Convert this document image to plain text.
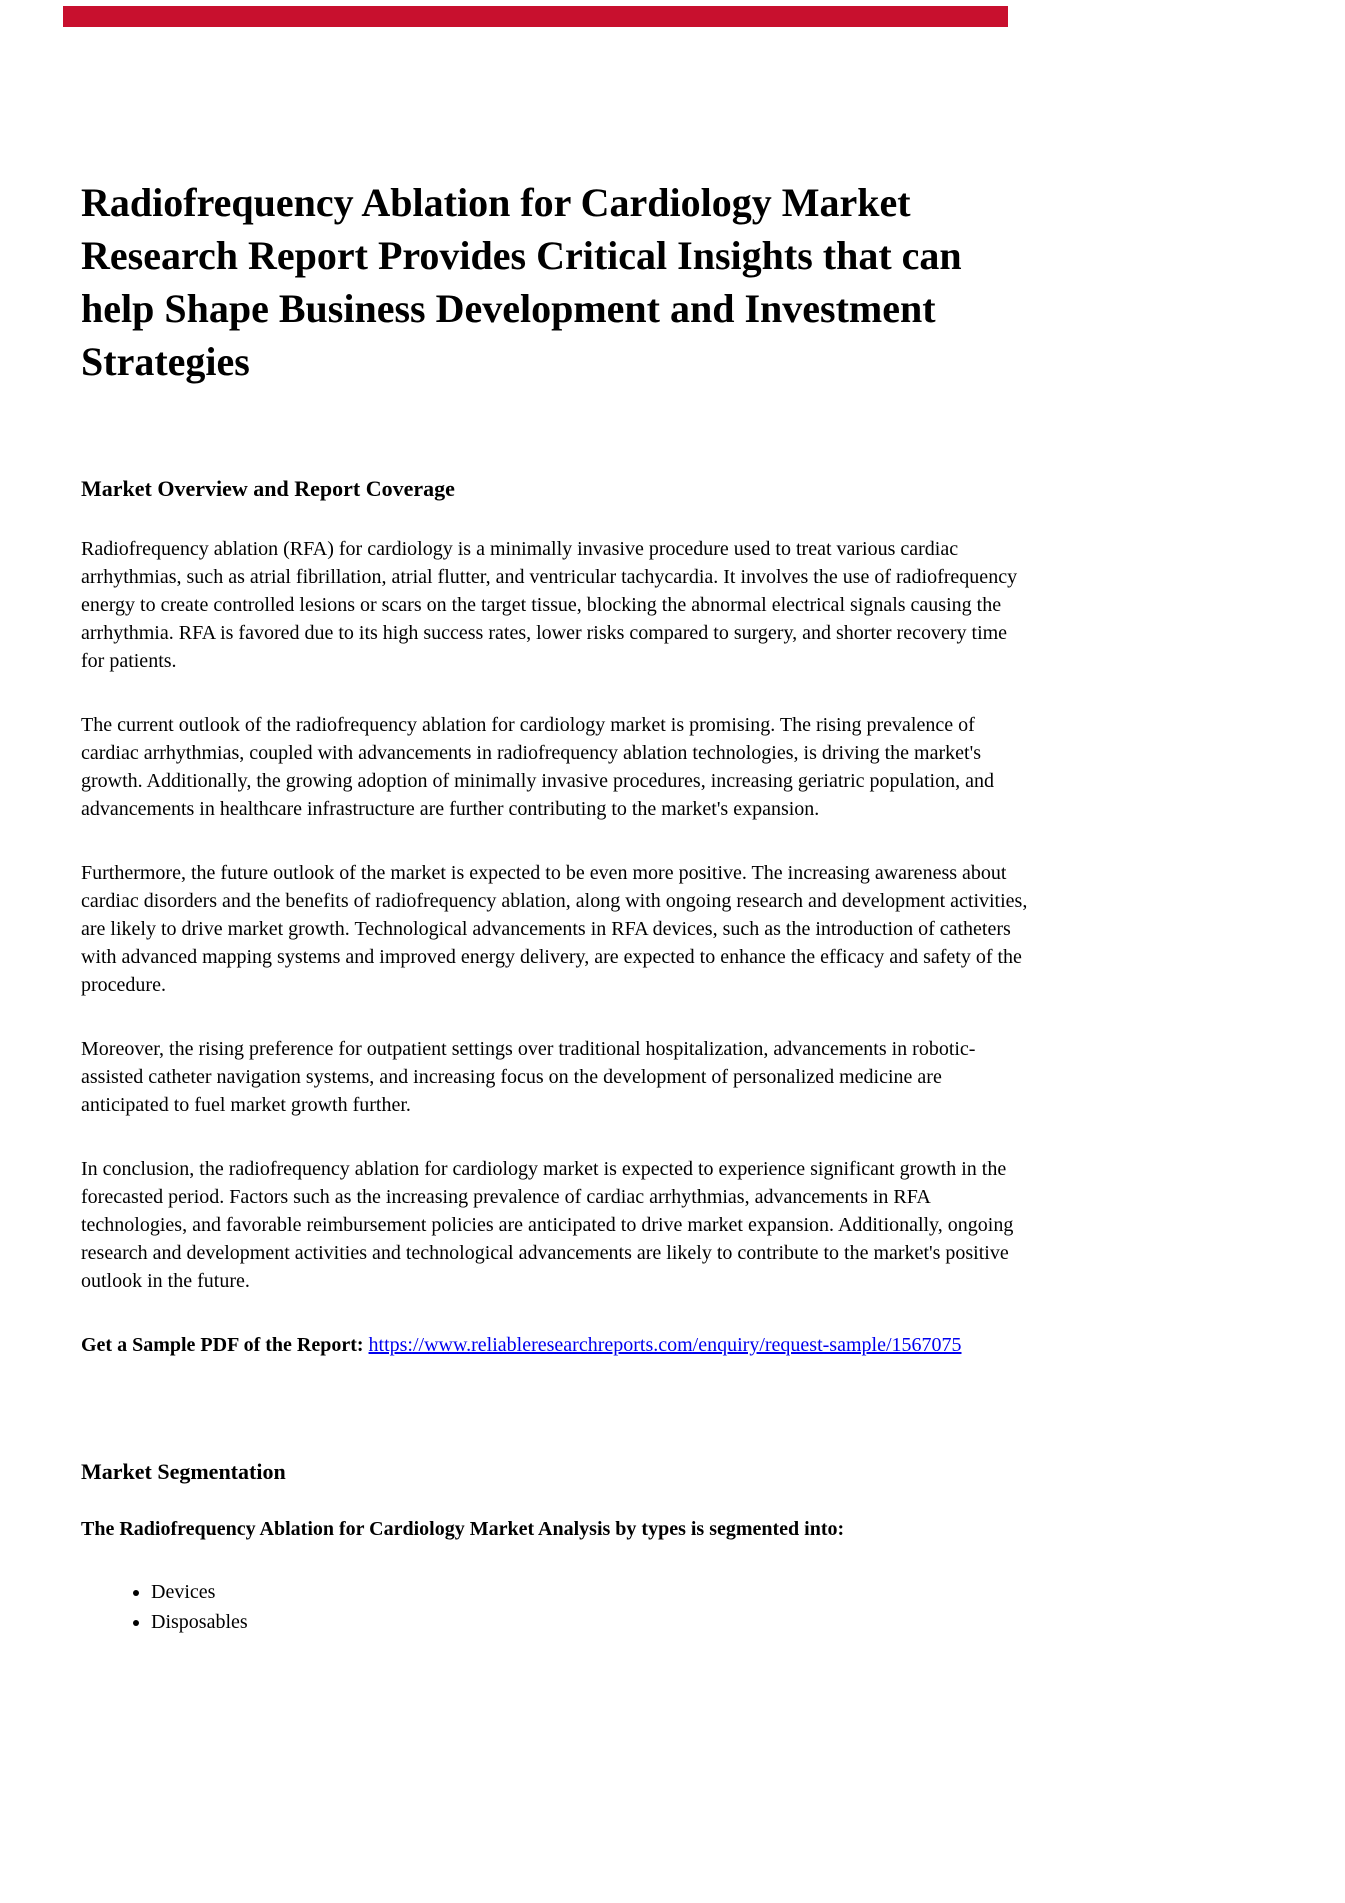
Radiofrequency Ablation for Cardiology Market Research Report Provides Critical Insights that can help Shape Business Development and Investment Strategies
Market Overview and Report Coverage

Radiofrequency ablation (RFA) for cardiology is a minimally invasive procedure used to treat various cardiac arrhythmias, such as atrial fibrillation, atrial flutter, and ventricular tachycardia. It involves the use of radiofrequency energy to create controlled lesions or scars on the target tissue, blocking the abnormal electrical signals causing the arrhythmia. RFA is favored due to its high success rates, lower risks compared to surgery, and shorter recovery time for patients.

The current outlook of the radiofrequency ablation for cardiology market is promising. The rising prevalence of cardiac arrhythmias, coupled with advancements in radiofrequency ablation technologies, is driving the market's growth. Additionally, the growing adoption of minimally invasive procedures, increasing geriatric population, and advancements in healthcare infrastructure are further contributing to the market's expansion.

Furthermore, the future outlook of the market is expected to be even more positive. The increasing awareness about cardiac disorders and the benefits of radiofrequency ablation, along with ongoing research and development activities, are likely to drive market growth. Technological advancements in RFA devices, such as the introduction of catheters with advanced mapping systems and improved energy delivery, are expected to enhance the efficacy and safety of the procedure.

Moreover, the rising preference for outpatient settings over traditional hospitalization, advancements in robotic-assisted catheter navigation systems, and increasing focus on the development of personalized medicine are anticipated to fuel market growth further.

In conclusion, the radiofrequency ablation for cardiology market is expected to experience significant growth in the forecasted period. Factors such as the increasing prevalence of cardiac arrhythmias, advancements in RFA technologies, and favorable reimbursement policies are anticipated to drive market expansion. Additionally, ongoing research and development activities and technological advancements are likely to contribute to the market's positive outlook in the future.

Get a Sample PDF of the Report: https://www.reliableresearchreports.com/enquiry/request-sample/1567075

Market Segmentation

The Radiofrequency Ablation for Cardiology Market Analysis by types is segmented into:

• Devices
• Disposables
